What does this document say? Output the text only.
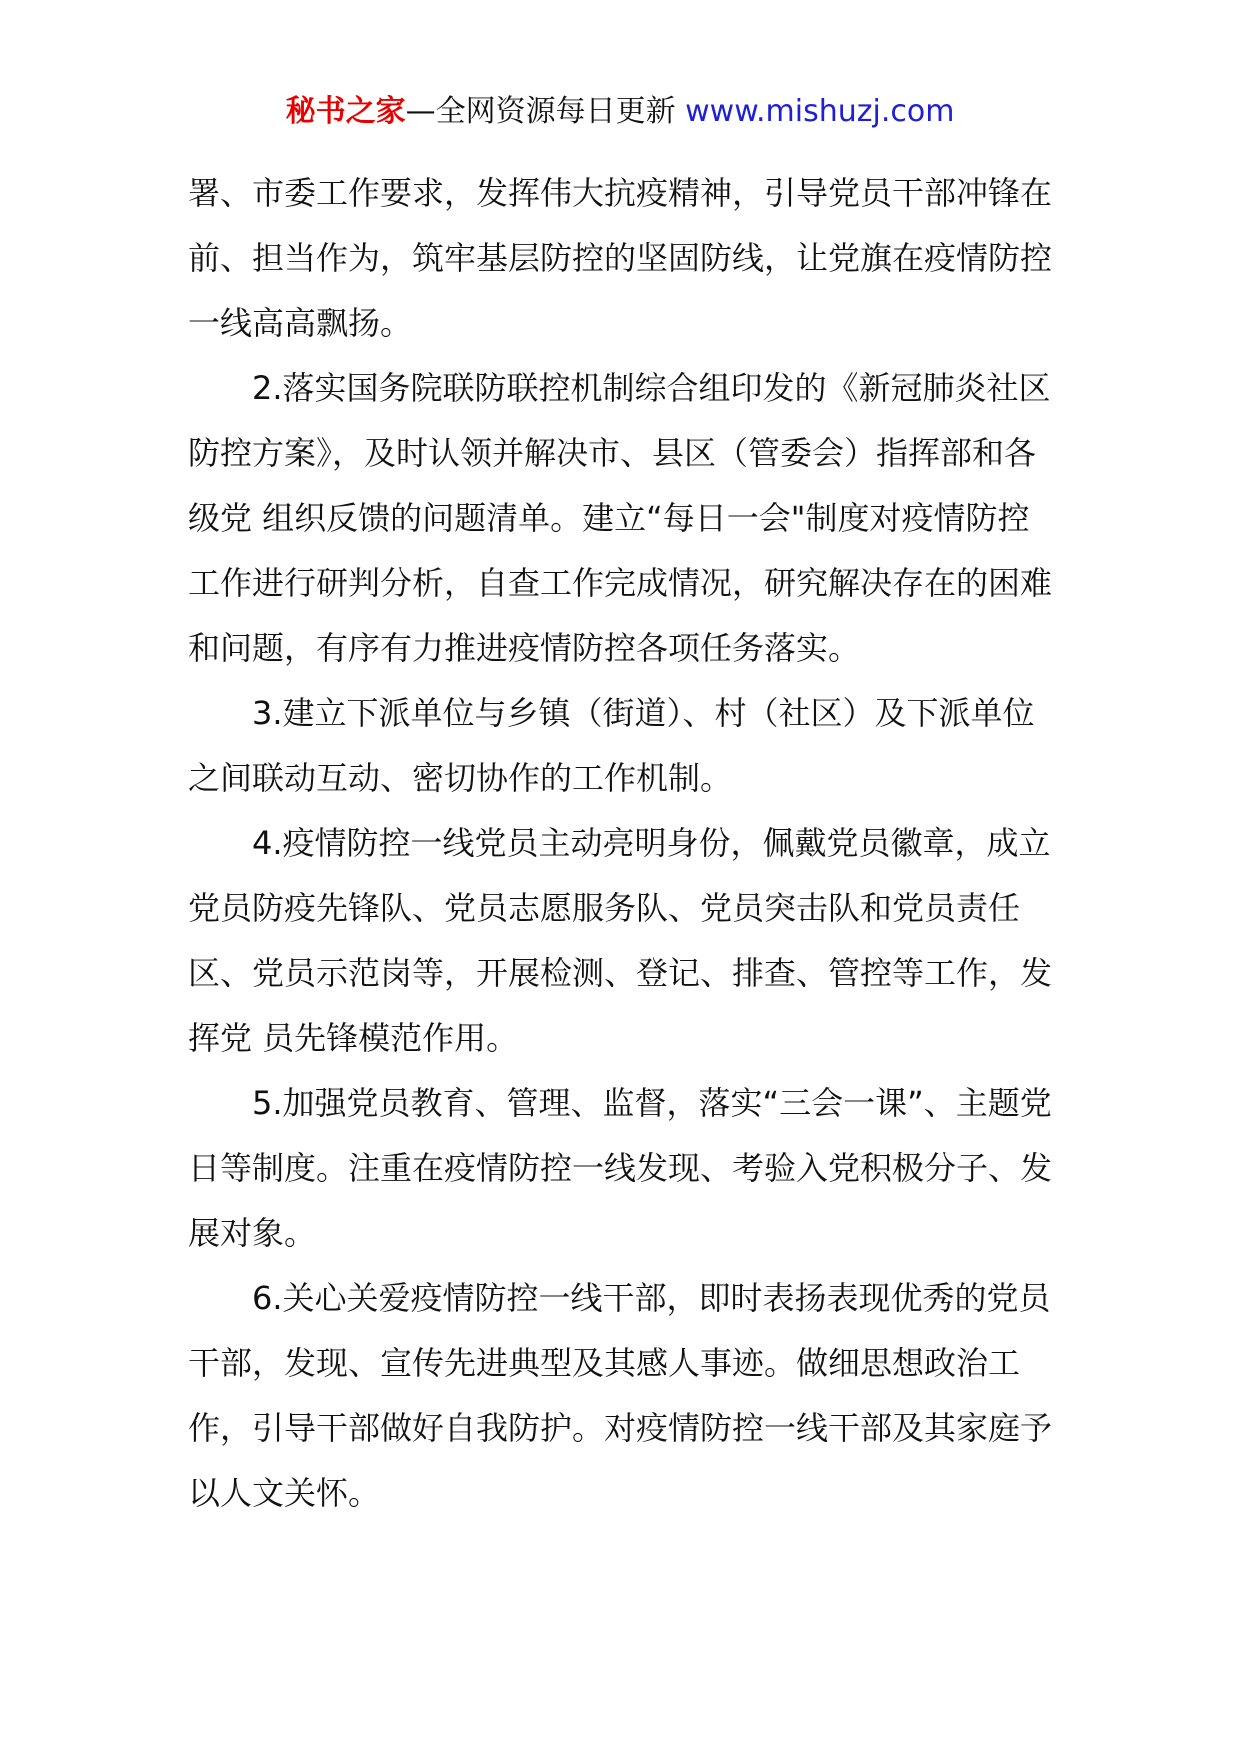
秘书之家—全网资源每日更新 www.mishuzj.com

署、市委工作要求，发挥伟大抗疫精神，引导党员干部冲锋在前、担当作为，筑牢基层防控的坚固防线，让党旗在疫情防控一线高高飘扬。

2.落实国务院联防联控机制综合组印发的《新冠肺炎社区防控方案》，及时认领并解决市、县区（管委会）指挥部和各级党 组织反馈的问题清单。建立“每日一会"制度对疫情防控工作进行研判分析，自查工作完成情况，研究解决存在的困难和问题，有序有力推进疫情防控各项任务落实。

3.建立下派单位与乡镇（街道）、村（社区）及下派单位之间联动互动、密切协作的工作机制。

4.疫情防控一线党员主动亮明身份，佩戴党员徽章，成立党员防疫先锋队、党员志愿服务队、党员突击队和党员责任区、党员示范岗等，开展检测、登记、排查、管控等工作，发挥党 员先锋模范作用。

5.加强党员教育、管理、监督，落实“三会一课”、主题党日等制度。注重在疫情防控一线发现、考验入党积极分子、发展对象。

6.关心关爱疫情防控一线干部，即时表扬表现优秀的党员干部，发现、宣传先进典型及其感人事迹。做细思想政治工作，引导干部做好自我防护。对疫情防控一线干部及其家庭予以人文关怀。
